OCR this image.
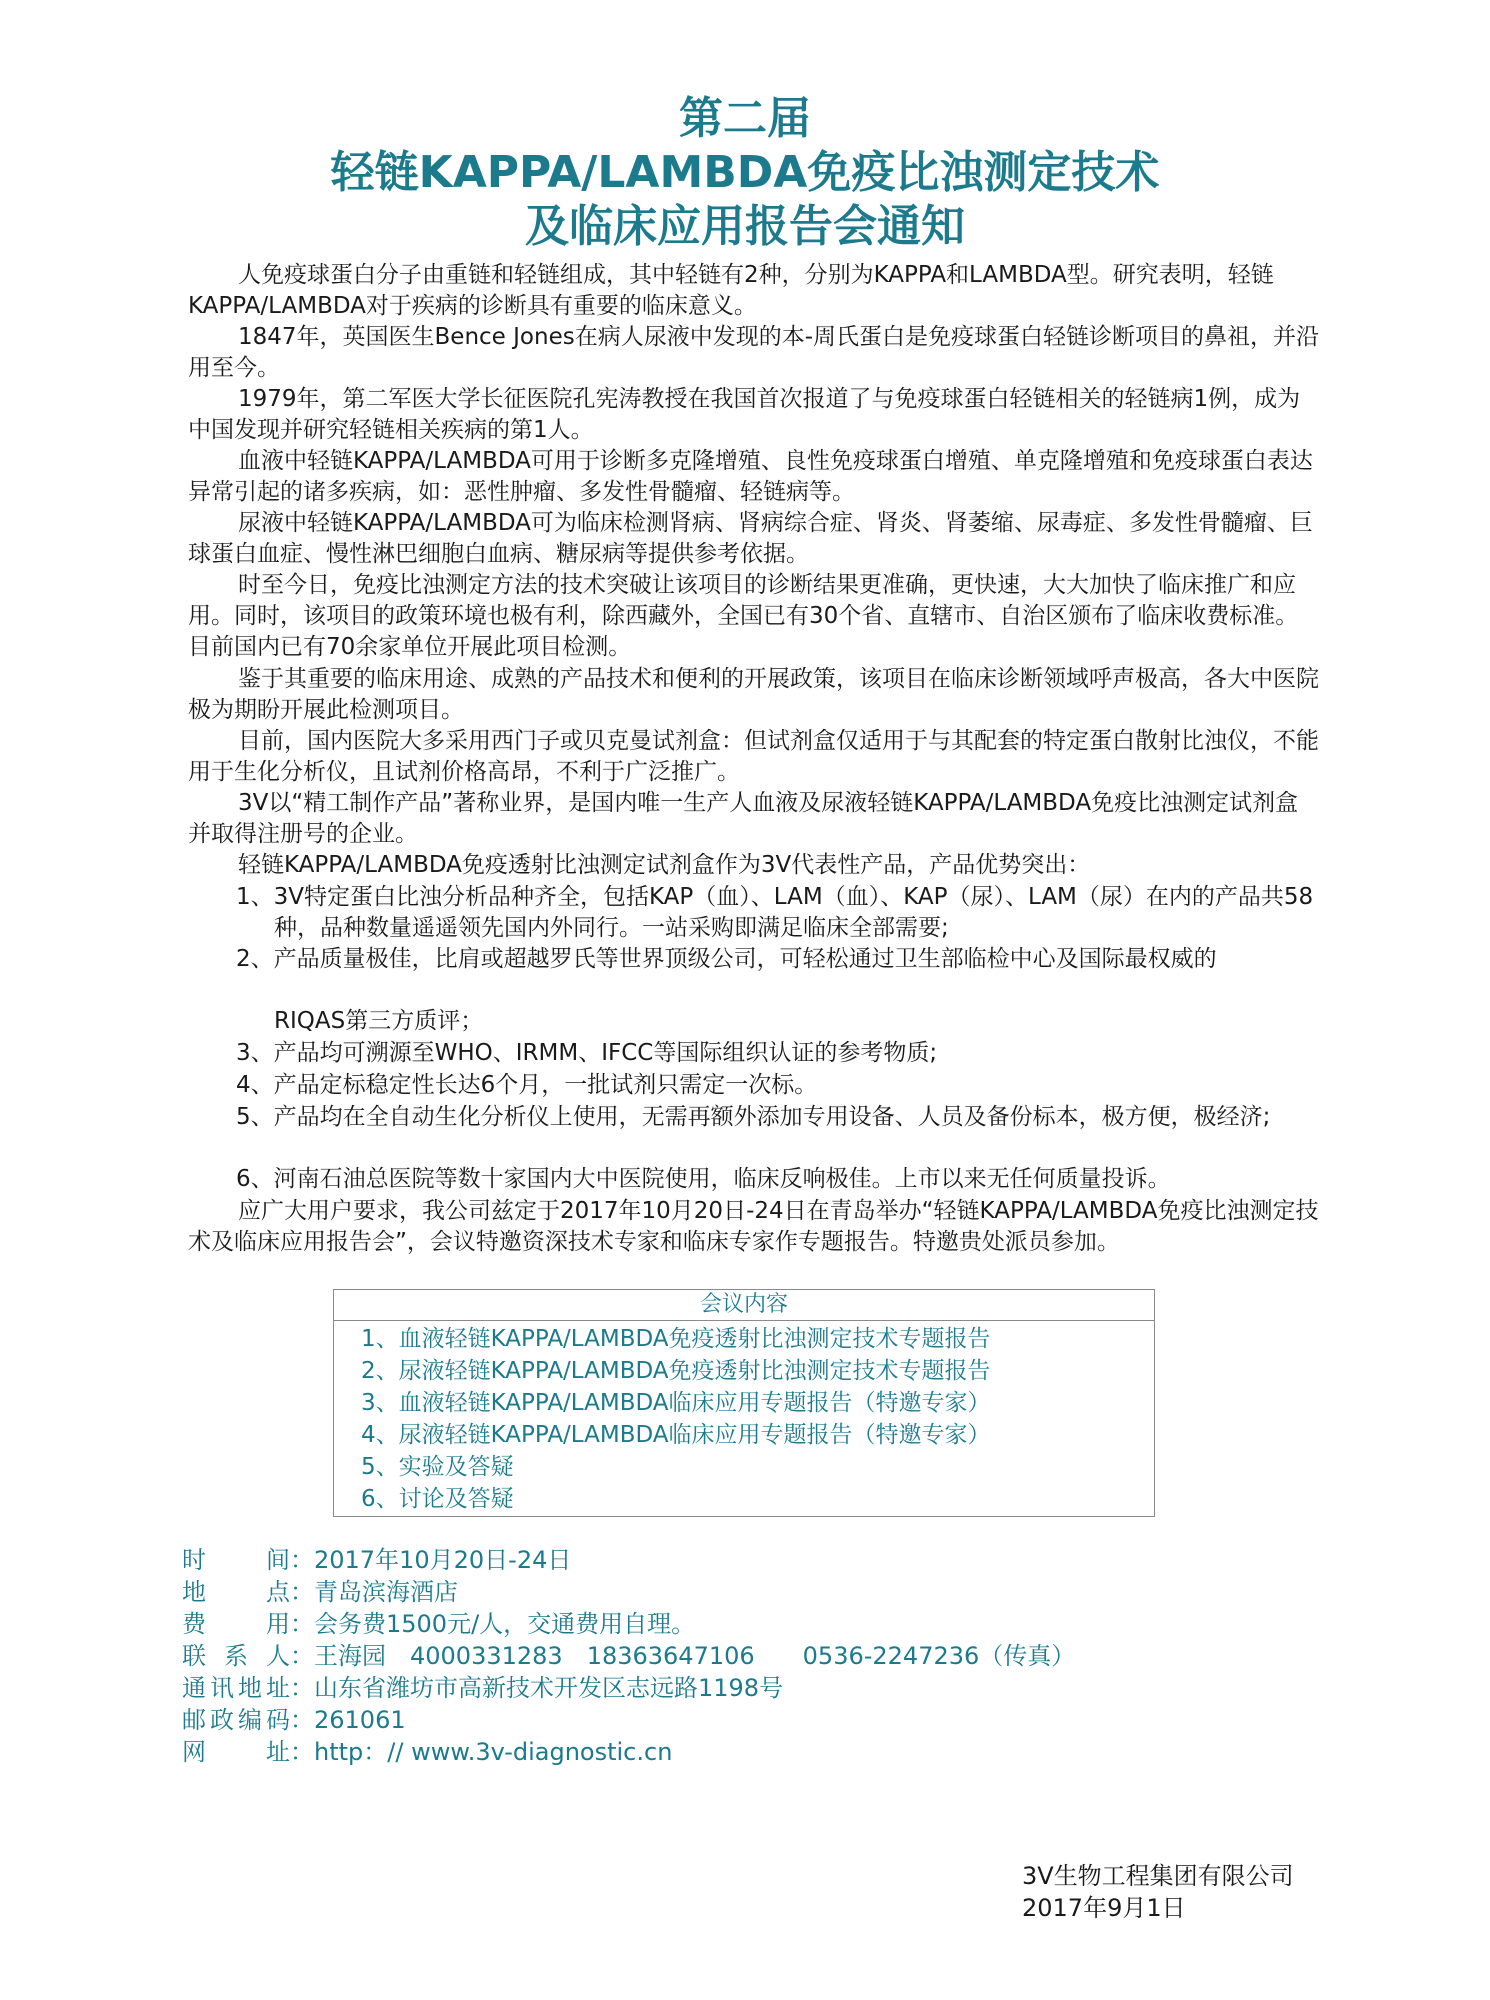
第二届
轻链KAPPA/LAMBDA免疫比浊测定技术
及临床应用报告会通知
人免疫球蛋白分子由重链和轻链组成，其中轻链有2种，分别为KAPPA和LAMBDA型。研究表明，轻链KAPPA/LAMBDA对于疾病的诊断具有重要的临床意义。
1847年，英国医生Bence Jones在病人尿液中发现的本-周氏蛋白是免疫球蛋白轻链诊断项目的鼻祖，并沿用至今。
1979年，第二军医大学长征医院孔宪涛教授在我国首次报道了与免疫球蛋白轻链相关的轻链病1例，成为中国发现并研究轻链相关疾病的第1人。
血液中轻链KAPPA/LAMBDA可用于诊断多克隆增殖、良性免疫球蛋白增殖、单克隆增殖和免疫球蛋白表达异常引起的诸多疾病，如：恶性肿瘤、多发性骨髓瘤、轻链病等。
尿液中轻链KAPPA/LAMBDA可为临床检测肾病、肾病综合症、肾炎、肾萎缩、尿毒症、多发性骨髓瘤、巨球蛋白血症、慢性淋巴细胞白血病、糖尿病等提供参考依据。
时至今日，免疫比浊测定方法的技术突破让该项目的诊断结果更准确，更快速，大大加快了临床推广和应用。同时，该项目的政策环境也极有利，除西藏外，全国已有30个省、直辖市、自治区颁布了临床收费标准。目前国内已有70余家单位开展此项目检测。
鉴于其重要的临床用途、成熟的产品技术和便利的开展政策，该项目在临床诊断领域呼声极高，各大中医院极为期盼开展此检测项目。
目前，国内医院大多采用西门子或贝克曼试剂盒：但试剂盒仅适用于与其配套的特定蛋白散射比浊仪，不能用于生化分析仪，且试剂价格高昂，不利于广泛推广。
3V以“精工制作产品”著称业界，是国内唯一生产人血液及尿液轻链KAPPA/LAMBDA免疫比浊测定试剂盒并取得注册号的企业。
轻链KAPPA/LAMBDA免疫透射比浊测定试剂盒作为3V代表性产品，产品优势突出：
1、3V特定蛋白比浊分析品种齐全，包括KAP（血）、LAM（血）、KAP（尿）、LAM（尿）在内的产品共58种，品种数量遥遥领先国内外同行。一站采购即满足临床全部需要;
2、产品质量极佳，比肩或超越罗氏等世界顶级公司，可轻松通过卫生部临检中心及国际最权威的
RIQAS第三方质评；
3、产品均可溯源至WHO、IRMM、IFCC等国际组织认证的参考物质;
4、产品定标稳定性长达6个月，一批试剂只需定一次标。
5、产品均在全自动生化分析仪上使用，无需再额外添加专用设备、人员及备份标本，极方便，极经济;
6、河南石油总医院等数十家国内大中医院使用，临床反响极佳。上市以来无任何质量投诉。
应广大用户要求，我公司兹定于2017年10月20日-24日在青岛举办“轻链KAPPA/LAMBDA免疫比浊测定技术及临床应用报告会”，会议特邀资深技术专家和临床专家作专题报告。特邀贵处派员参加。
会议内容
1、血液轻链KAPPA/LAMBDA免疫透射比浊测定技术专题报告
2、尿液轻链KAPPA/LAMBDA免疫透射比浊测定技术专题报告
3、血液轻链KAPPA/LAMBDA临床应用专题报告（特邀专家）
4、尿液轻链KAPPA/LAMBDA临床应用专题报告（特邀专家）
5、实验及答疑
6、讨论及答疑
时间：2017年10月20日-24日
地点：青岛滨海酒店
费用：会务费1500元/人，交通费用自理。
联系人：王海园　4000331283　18363647106　　0536-2247236（传真）
通讯地址：山东省潍坊市高新技术开发区志远路1198号
邮政编码：261061
网址：http：// www.3v-diagnostic.cn
3V生物工程集团有限公司
2017年9月1日
